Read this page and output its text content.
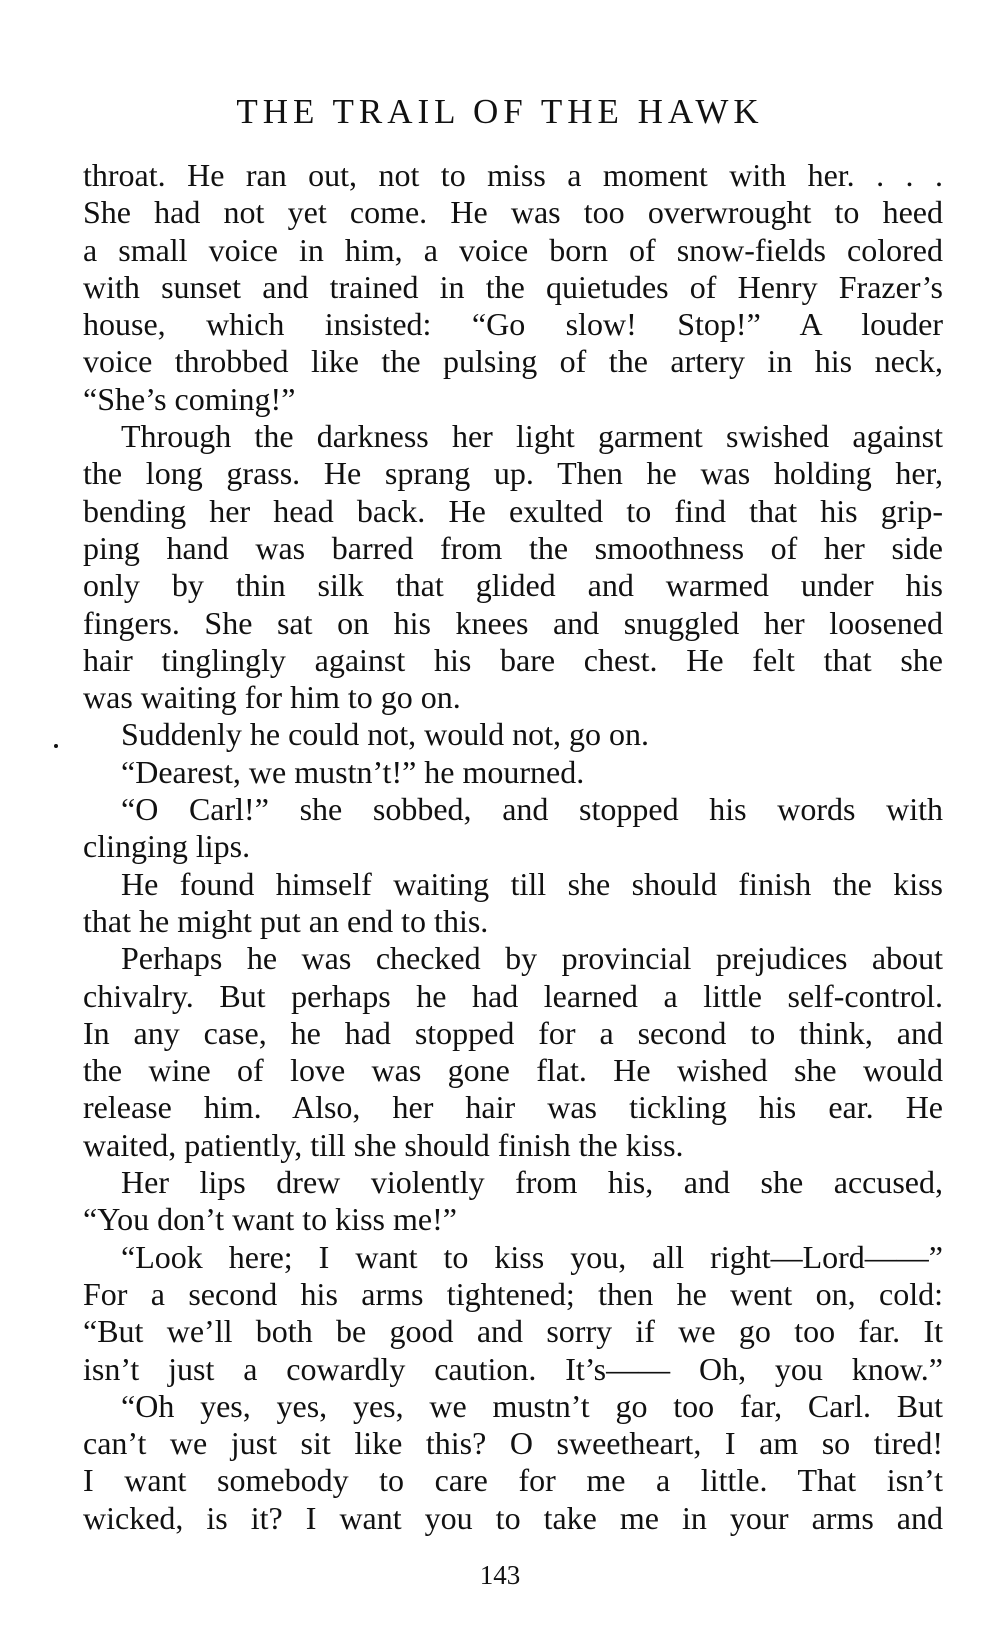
THE TRAIL OF THE HAWK
throat. He ran out, not to miss a moment with her. . . .
She had not yet come. He was too overwrought to heed
a small voice in him, a voice born of snow-fields colored
with sunset and trained in the quietudes of Henry Frazer’s
house, which insisted: “Go slow! Stop!” A louder
voice throbbed like the pulsing of the artery in his neck,
“She’s coming!”
Through the darkness her light garment swished against
the long grass. He sprang up. Then he was holding her,
bending her head back. He exulted to find that his grip-
ping hand was barred from the smoothness of her side
only by thin silk that glided and warmed under his
fingers. She sat on his knees and snuggled her loosened
hair tinglingly against his bare chest. He felt that she
was waiting for him to go on.
Suddenly he could not, would not, go on.
“Dearest, we mustn’t!” he mourned.
“O Carl!” she sobbed, and stopped his words with
clinging lips.
He found himself waiting till she should finish the kiss
that he might put an end to this.
Perhaps he was checked by provincial prejudices about
chivalry. But perhaps he had learned a little self-control.
In any case, he had stopped for a second to think, and
the wine of love was gone flat. He wished she would
release him. Also, her hair was tickling his ear. He
waited, patiently, till she should finish the kiss.
Her lips drew violently from his, and she accused,
“You don’t want to kiss me!”
“Look here; I want to kiss you, all right—Lord——”
For a second his arms tightened; then he went on, cold:
“But we’ll both be good and sorry if we go too far. It
isn’t just a cowardly caution. It’s—— Oh, you know.”
“Oh yes, yes, yes, we mustn’t go too far, Carl. But
can’t we just sit like this? O sweetheart, I am so tired!
I want somebody to care for me a little. That isn’t
wicked, is it? I want you to take me in your arms and
143
